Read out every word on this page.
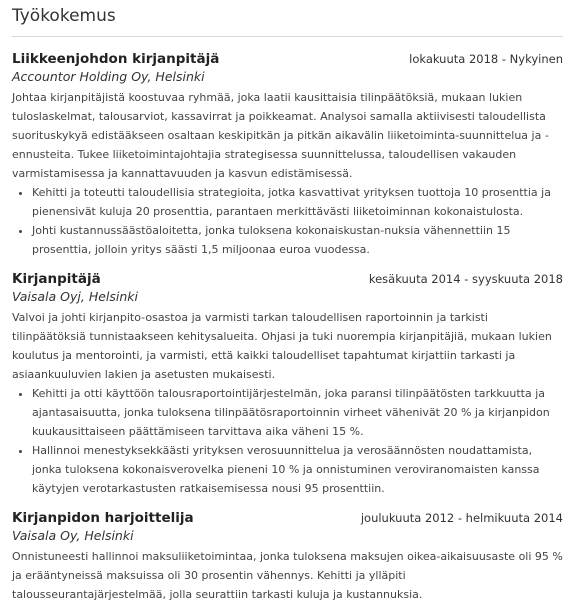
Työkokemus
Liikkeenjohdon kirjanpitäjä	lokakuuta 2018 - Nykyinen
Accountor Holding Oy, Helsinki

Johtaa kirjanpitäjistä koostuvaa ryhmää, joka laatii kausittaisia tilinpäätöksiä, mukaan lukien tuloslaskelmat, talousarviot, kassavirrat ja poikkeamat. Analysoi samalla aktiivisesti taloudellista suorituskykyä edistääkseen osaltaan keskipitkän ja pitkän aikavälin liiketoiminta-suunnittelua ja -ennusteita. Tukee liiketoimintajohtajia strategisessa suunnittelussa, taloudellisen vakauden varmistamisessa ja kannattavuuden ja kasvun edistämisessä.

• Kehitti ja toteutti taloudellisia strategioita, jotka kasvattivat yrityksen tuottoja 10 prosenttia ja pienensivät kuluja 20 prosenttia, parantaen merkittävästi liiketoiminnan kokonaistulosta.
• Johti kustannussäästöaloitetta, jonka tuloksena kokonaiskustan-nuksia vähennettiin 15 prosenttia, jolloin yritys säästi 1,5 miljoonaa euroa vuodessa.
Kirjanpitäjä	kesäkuuta 2014 - syyskuuta 2018
Vaisala Oyj, Helsinki

Valvoi ja johti kirjanpito-osastoa ja varmisti tarkan taloudellisen raportoinnin ja tarkisti tilinpäätöksiä tunnistaakseen kehitysalueita. Ohjasi ja tuki nuorempia kirjanpitäjiä, mukaan lukien koulutus ja mentorointi, ja varmisti, että kaikki taloudelliset tapahtumat kirjattiin tarkasti ja asiaankuuluvien lakien ja asetusten mukaisesti.

• Kehitti ja otti käyttöön talousraportointijärjestelmän, joka paransi tilinpäätösten tarkkuutta ja ajantasaisuutta, jonka tuloksena tilinpäätösraportoinnin virheet vähenivät 20 % ja kirjanpidon kuukausittaiseen päättämiseen tarvittava aika väheni 15 %.
• Hallinnoi menestyksekkäästi yrityksen verosuunnittelua ja verosäännösten noudattamista, jonka tuloksena kokonaisverovelka pieneni 10 % ja onnistuminen veroviranomaisten kanssa käytyjen verotarkastusten ratkaisemisessa nousi 95 prosenttiin.
Kirjanpidon harjoittelija	joulukuuta 2012 - helmikuuta 2014
Vaisala Oy, Helsinki

Onnistuneesti hallinnoi maksuliiketoimintaa, jonka tuloksena maksujen oikea-aikaisuusaste oli 95 % ja erääntyneissä maksuissa oli 30 prosentin vähennys. Kehitti ja ylläpiti talousseurantajärjestelmää, jolla seurattiin tarkasti kuluja ja kustannuksia.
